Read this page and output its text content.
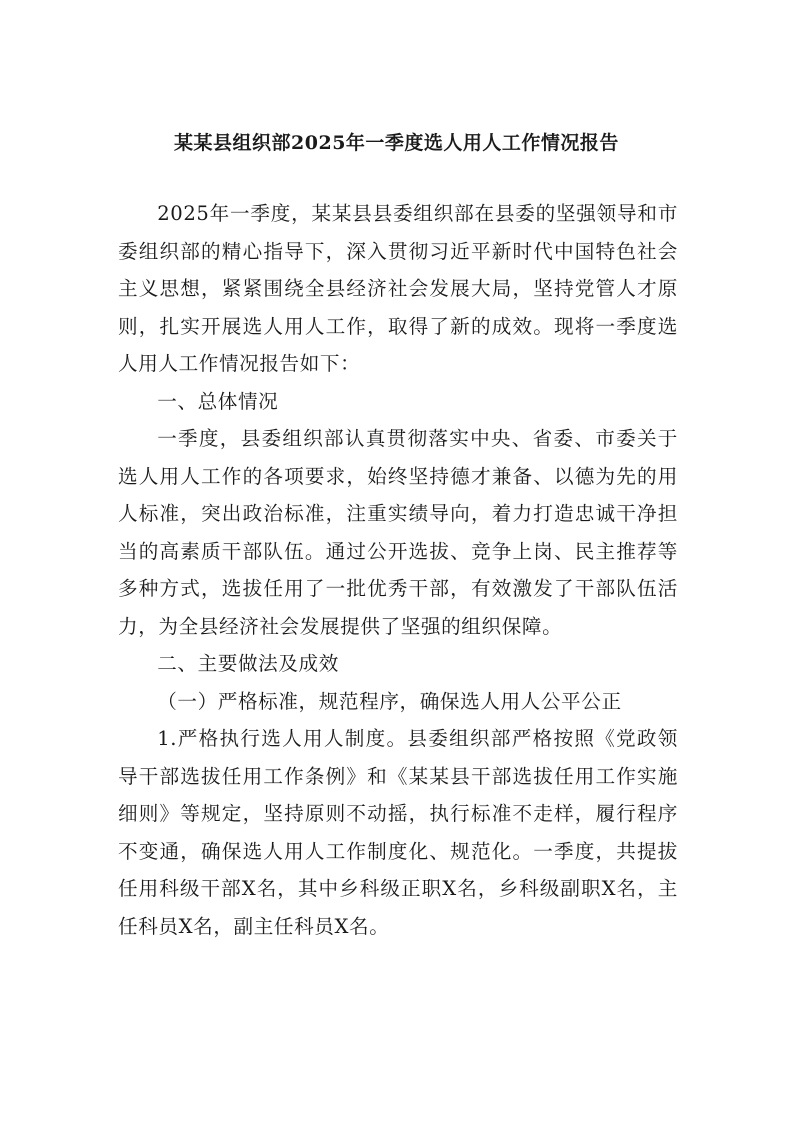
某某县组织部2025年一季度选人用人工作情况报告

2025年一季度，某某县县委组织部在县委的坚强领导和市委组织部的精心指导下，深入贯彻习近平新时代中国特色社会主义思想，紧紧围绕全县经济社会发展大局，坚持党管人才原则，扎实开展选人用人工作，取得了新的成效。现将一季度选人用人工作情况报告如下：

一、总体情况

一季度，县委组织部认真贯彻落实中央、省委、市委关于选人用人工作的各项要求，始终坚持德才兼备、以德为先的用人标准，突出政治标准，注重实绩导向，着力打造忠诚干净担当的高素质干部队伍。通过公开选拔、竞争上岗、民主推荐等多种方式，选拔任用了一批优秀干部，有效激发了干部队伍活力，为全县经济社会发展提供了坚强的组织保障。

二、主要做法及成效

（一）严格标准，规范程序，确保选人用人公平公正

1.严格执行选人用人制度。县委组织部严格按照《党政领导干部选拔任用工作条例》和《某某县干部选拔任用工作实施细则》等规定，坚持原则不动摇，执行标准不走样，履行程序不变通，确保选人用人工作制度化、规范化。一季度，共提拔任用科级干部X名，其中乡科级正职X名，乡科级副职X名，主任科员X名，副主任科员X名。
